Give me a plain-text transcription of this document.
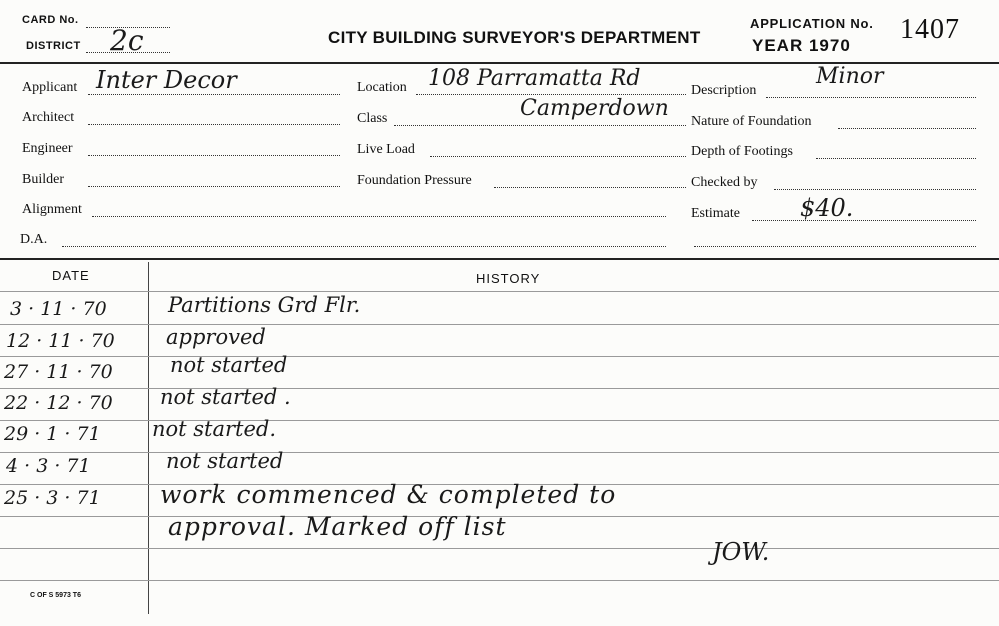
CARD No.
DISTRICT 2c	CITY BUILDING SURVEYOR'S DEPARTMENT
APPLICATION No.
YEAR 1970
1407
Applicant Inter Decor
Architect
Engineer
Builder
Alignment
D.A.
Location 108 Parramatta Rd
Class	Camperdown
Live Load
Foundation Pressure
Description
Minor
Nature of Foundation
Depth of Footings
Checked by
Estimate	$40.
DATE	HISTORY
3 · 11 · 70	Partitions Grd Flr.
12 · 11 · 70 approved
27 · 11 · 70	not started
22 · 12 · 70 not started .
29 · 1 · 71 not started.
4 · 3 · 71	not started
25 · 3 · 71 work commenced & completed to
approval. Marked off list
JOW.
C OF S 5973 T6
